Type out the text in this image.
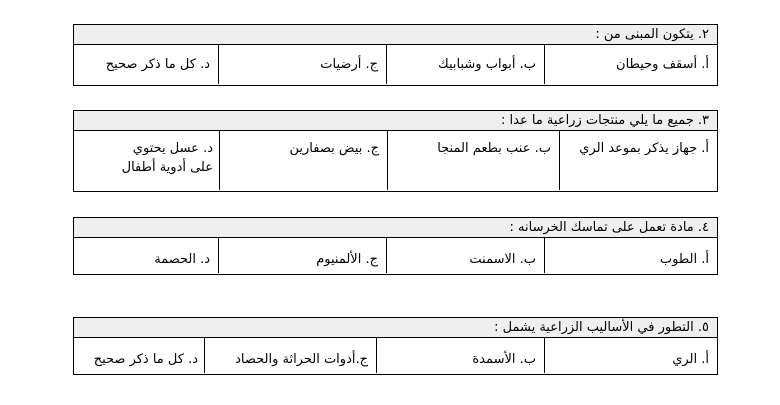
٢. يتكون المبنى من :
أ. أسقف وحيطان
ب. أبواب وشبابيك
ج. أرضيات
د. كل ما ذكر صحيح
٣. جميع ما يلي منتجات زراعية ما عدا :
أ. جهاز يذكر بموعد الري
ب. عنب بطعم المنجا
ج. بيض بصفارين
د. عسل يحتوي على أدوية أطفال
٤. مادة تعمل على تماسك الخرسانه :
أ. الطوب
ب. الاسمنت
ج. الألمنيوم
د. الحصمة
٥. التطور في الأساليب الزراعية يشمل :
أ. الري
ب. الأسمدة
ج.أدوات الحراثة والحصاد
د. كل ما ذكر صحيح
